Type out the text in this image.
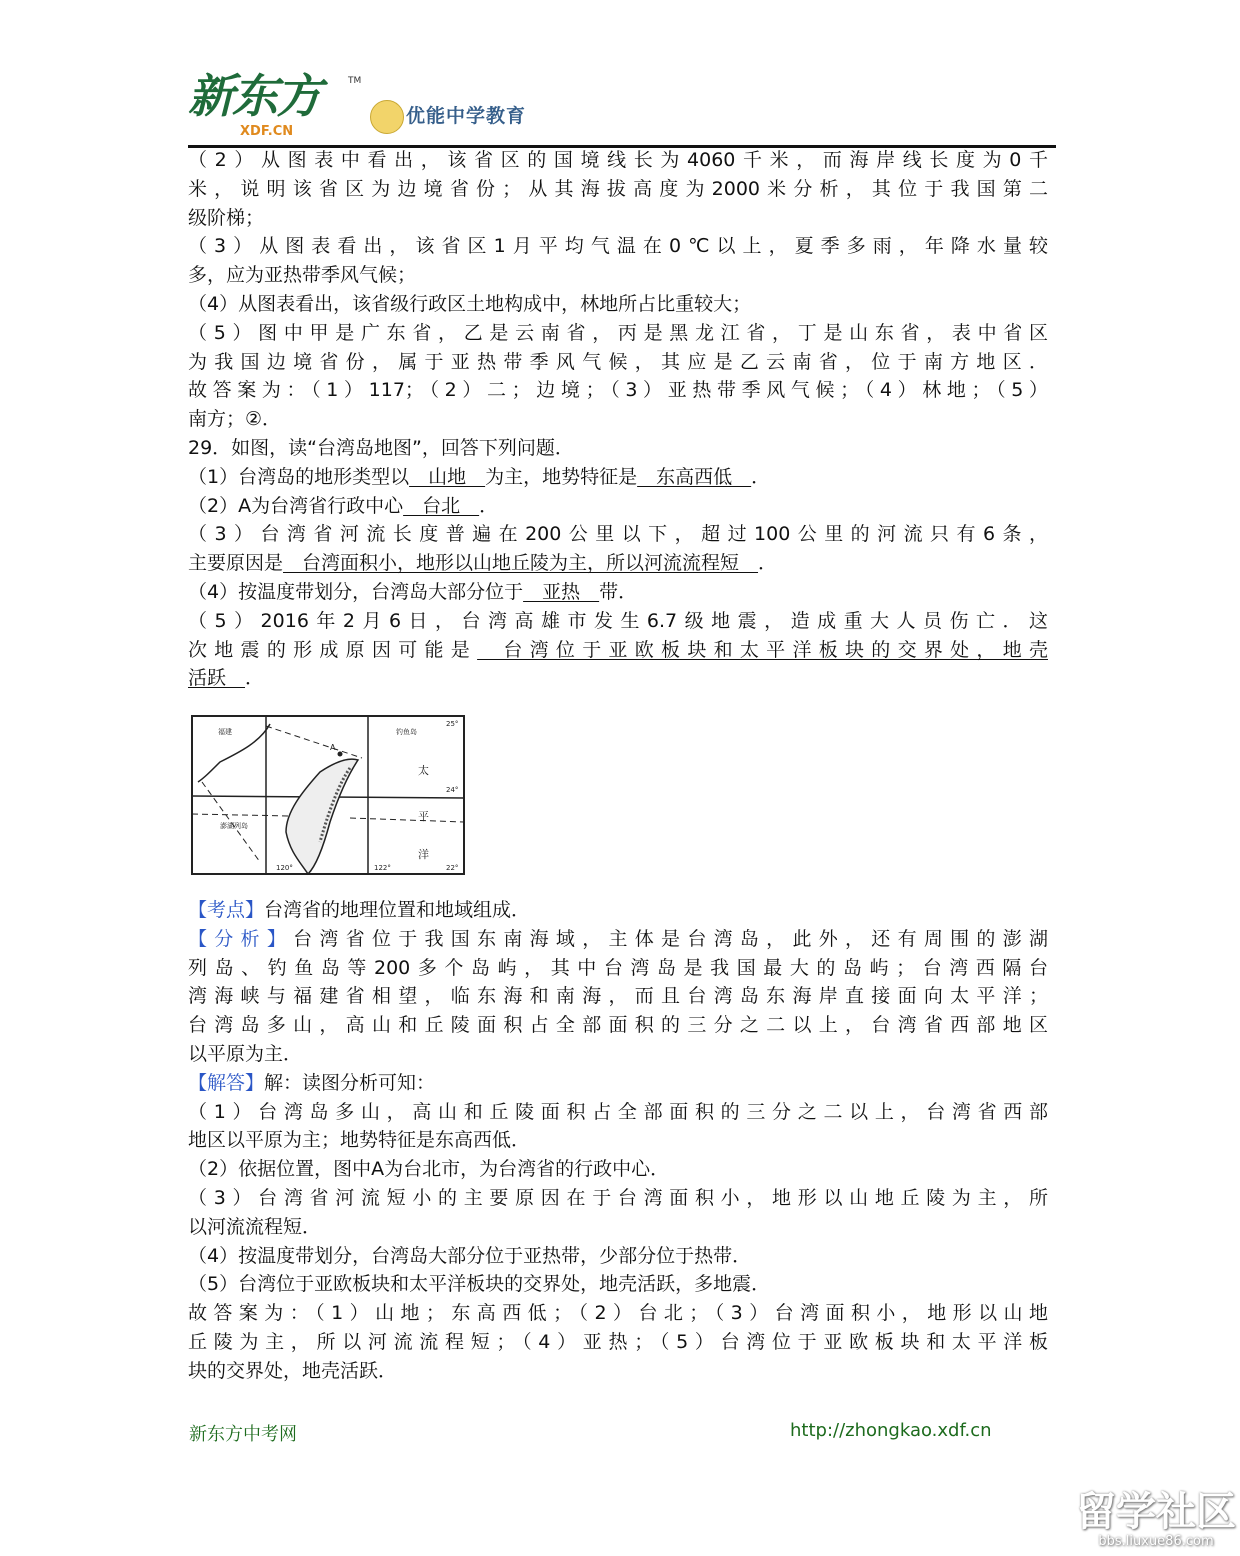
新东方
XDF.CN
TM
优能中学教育
（2）从图表中看出，该省区的国境线长为4060千米，而海岸线长度为0千
米，说明该省区为边境省份；从其海拔高度为2000米分析，其位于我国第二
级阶梯；
（3）从图表看出，该省区1月平均气温在0℃以上，夏季多雨，年降水量较
多，应为亚热带季风气候；
（4）从图表看出，该省级行政区土地构成中，林地所占比重较大；
（5）图中甲是广东省，乙是云南省，丙是黑龙江省，丁是山东省，表中省区
为我国边境省份，属于亚热带季风气候，其应是乙云南省，位于南方地区．
故答案为：（1）117；（2）二；边境；（3）亚热带季风气候；（4）林地；（5）
南方；②．
29．如图，读“台湾岛地图”，回答下列问题．
（1）台湾岛的地形类型以　山地　为主，地势特征是　东高西低　．
（2）A为台湾省行政中心　台北　．
（3）台湾省河流长度普遍在200公里以下，超过100公里的河流只有6条，
主要原因是　台湾面积小，地形以山地丘陵为主，所以河流流程短　．
（4）按温度带划分，台湾岛大部分位于　亚热　带．
（5）2016年2月6日，台湾高雄市发生6.7级地震，造成重大人员伤亡．这
次地震的形成原因可能是　台湾位于亚欧板块和太平洋板块的交界处，地壳
活跃　．
福建	钓鱼岛
太
平
洋
澎湖列岛
A
120°	122°
25°
24°
22°
【考点】台湾省的地理位置和地域组成．
【分析】台湾省位于我国东南海域，主体是台湾岛，此外，还有周围的澎湖
列岛、钓鱼岛等200多个岛屿，其中台湾岛是我国最大的岛屿；台湾西隔台
湾海峡与福建省相望，临东海和南海，而且台湾岛东海岸直接面向太平洋；
台湾岛多山，高山和丘陵面积占全部面积的三分之二以上，台湾省西部地区
以平原为主．
【解答】解：读图分析可知：
（1）台湾岛多山，高山和丘陵面积占全部面积的三分之二以上，台湾省西部
地区以平原为主；地势特征是东高西低．
（2）依据位置，图中A为台北市，为台湾省的行政中心．
（3）台湾省河流短小的主要原因在于台湾面积小，地形以山地丘陵为主，所
以河流流程短．
（4）按温度带划分，台湾岛大部分位于亚热带，少部分位于热带．
（5）台湾位于亚欧板块和太平洋板块的交界处，地壳活跃，多地震．
故答案为：（1）山地；东高西低；（2）台北；（3）台湾面积小，地形以山地
丘陵为主，所以河流流程短；（4）亚热；（5）台湾位于亚欧板块和太平洋板
块的交界处，地壳活跃．
新东方中考网	http://zhongkao.xdf.cn
留学社区
bbs.liuxue86.com
